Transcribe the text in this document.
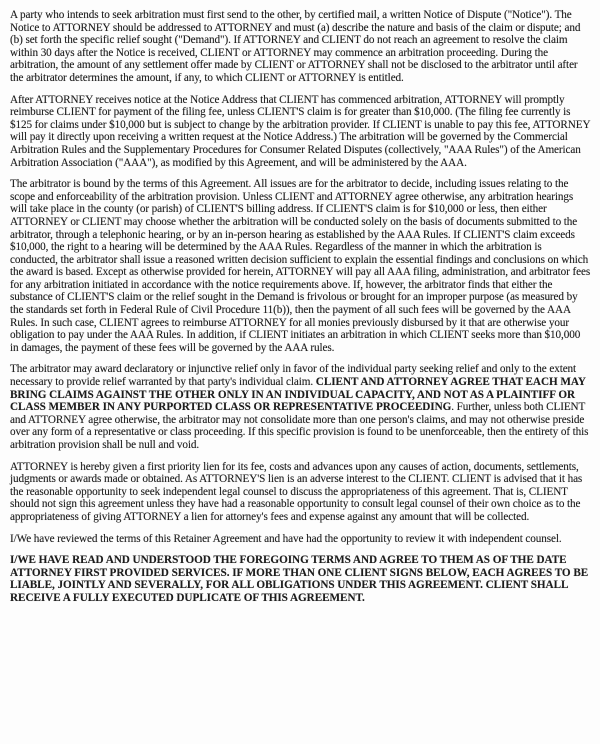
A party who intends to seek arbitration must first send to the other, by certified mail, a written Notice of Dispute ("Notice"). The Notice to ATTORNEY should be addressed to ATTORNEY and must (a) describe the nature and basis of the claim or dispute; and (b) set forth the specific relief sought ("Demand"). If ATTORNEY and CLIENT do not reach an agreement to resolve the claim within 30 days after the Notice is received, CLIENT or ATTORNEY may commence an arbitration proceeding. During the arbitration, the amount of any settlement offer made by CLIENT or ATTORNEY shall not be disclosed to the arbitrator until after the arbitrator determines the amount, if any, to which CLIENT or ATTORNEY is entitled.

After ATTORNEY receives notice at the Notice Address that CLIENT has commenced arbitration, ATTORNEY will promptly reimburse CLIENT for payment of the filing fee, unless CLIENT'S claim is for greater than $10,000. (The filing fee currently is $125 for claims under $10,000 but is subject to change by the arbitration provider. If CLIENT is unable to pay this fee, ATTORNEY will pay it directly upon receiving a written request at the Notice Address.) The arbitration will be governed by the Commercial Arbitration Rules and the Supplementary Procedures for Consumer Related Disputes (collectively, "AAA Rules") of the American Arbitration Association ("AAA"), as modified by this Agreement, and will be administered by the AAA.

The arbitrator is bound by the terms of this Agreement. All issues are for the arbitrator to decide, including issues relating to the scope and enforceability of the arbitration provision. Unless CLIENT and ATTORNEY agree otherwise, any arbitration hearings will take place in the county (or parish) of CLIENT'S billing address. If CLIENT'S claim is for $10,000 or less, then either ATTORNEY or CLIENT may choose whether the arbitration will be conducted solely on the basis of documents submitted to the arbitrator, through a telephonic hearing, or by an in-person hearing as established by the AAA Rules. If CLIENT'S claim exceeds $10,000, the right to a hearing will be determined by the AAA Rules. Regardless of the manner in which the arbitration is conducted, the arbitrator shall issue a reasoned written decision sufficient to explain the essential findings and conclusions on which the award is based. Except as otherwise provided for herein, ATTORNEY will pay all AAA filing, administration, and arbitrator fees for any arbitration initiated in accordance with the notice requirements above. If, however, the arbitrator finds that either the substance of CLIENT'S claim or the relief sought in the Demand is frivolous or brought for an improper purpose (as measured by the standards set forth in Federal Rule of Civil Procedure 11(b)), then the payment of all such fees will be governed by the AAA Rules. In such case, CLIENT agrees to reimburse ATTORNEY for all monies previously disbursed by it that are otherwise your obligation to pay under the AAA Rules. In addition, if CLIENT initiates an arbitration in which CLIENT seeks more than $10,000 in damages, the payment of these fees will be governed by the AAA rules.

The arbitrator may award declaratory or injunctive relief only in favor of the individual party seeking relief and only to the extent necessary to provide relief warranted by that party's individual claim. CLIENT AND ATTORNEY AGREE THAT EACH MAY BRING CLAIMS AGAINST THE OTHER ONLY IN AN INDIVIDUAL CAPACITY, AND NOT AS A PLAINTIFF OR CLASS MEMBER IN ANY PURPORTED CLASS OR REPRESENTATIVE PROCEEDING. Further, unless both CLIENT and ATTORNEY agree otherwise, the arbitrator may not consolidate more than one person's claims, and may not otherwise preside over any form of a representative or class proceeding. If this specific provision is found to be unenforceable, then the entirety of this arbitration provision shall be null and void.

ATTORNEY is hereby given a first priority lien for its fee, costs and advances upon any causes of action, documents, settlements, judgments or awards made or obtained. As ATTORNEY'S lien is an adverse interest to the CLIENT. CLIENT is advised that it has the reasonable opportunity to seek independent legal counsel to discuss the appropriateness of this agreement. That is, CLIENT should not sign this agreement unless they have had a reasonable opportunity to consult legal counsel of their own choice as to the appropriateness of giving ATTORNEY a lien for attorney's fees and expense against any amount that will be collected.

I/We have reviewed the terms of this Retainer Agreement and have had the opportunity to review it with independent counsel.

I/WE HAVE READ AND UNDERSTOOD THE FOREGOING TERMS AND AGREE TO THEM AS OF THE DATE ATTORNEY FIRST PROVIDED SERVICES. IF MORE THAN ONE CLIENT SIGNS BELOW, EACH AGREES TO BE LIABLE, JOINTLY AND SEVERALLY, FOR ALL OBLIGATIONS UNDER THIS AGREEMENT. CLIENT SHALL RECEIVE A FULLY EXECUTED DUPLICATE OF THIS AGREEMENT.
